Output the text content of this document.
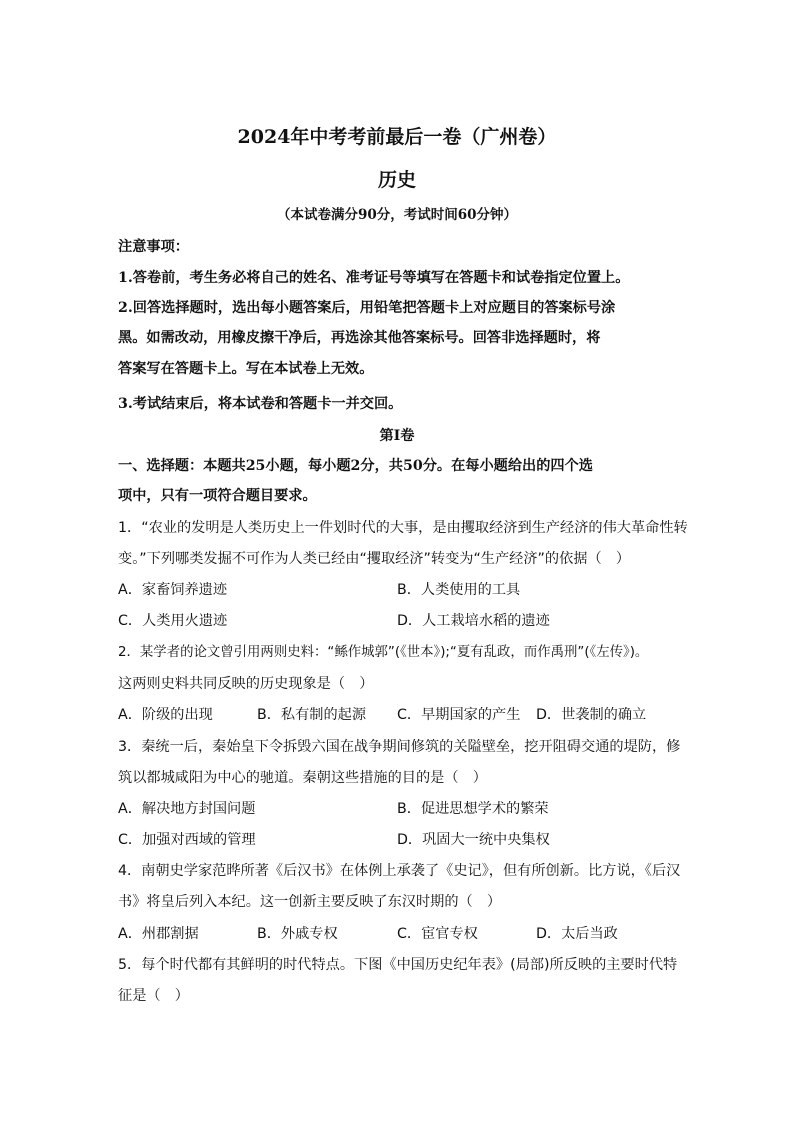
2024年中考考前最后一卷（广州卷）
历史
（本试卷满分90分，考试时间60分钟）
注意事项：
1.答卷前，考生务必将自己的姓名、准考证号等填写在答题卡和试卷指定位置上。
2.回答选择题时，选出每小题答案后，用铅笔把答题卡上对应题目的答案标号涂
黑。如需改动，用橡皮擦干净后，再选涂其他答案标号。回答非选择题时，将
答案写在答题卡上。写在本试卷上无效。
3.考试结束后，将本试卷和答题卡一并交回。
第Ⅰ卷
一、选择题：本题共25小题，每小题2分，共50分。在每小题给出的四个选
项中，只有一项符合题目要求。
1．“农业的发明是人类历史上一件划时代的大事，是由攫取经济到生产经济的伟大革命性转
变。”下列哪类发掘不可作为人类已经由“攫取经济”转变为“生产经济”的依据（　）
A．家畜饲养遗迹	B．人类使用的工具
C．人类用火遗迹	D．人工栽培水稻的遗迹
2．某学者的论文曾引用两则史料：“鲧作城郭”(《世本》);“夏有乱政，而作禹刑”(《左传》)。
这两则史料共同反映的历史现象是（　）
A．阶级的出现	B．私有制的起源 C．早期国家的产生 D．世袭制的确立
3．秦统一后，秦始皇下令拆毁六国在战争期间修筑的关隘壁垒，挖开阻碍交通的堤防，修
筑以都城咸阳为中心的驰道。秦朝这些措施的目的是（　）
A．解决地方封国问题	B．促进思想学术的繁荣
C．加强对西域的管理	D．巩固大一统中央集权
4．南朝史学家范晔所著《后汉书》在体例上承袭了《史记》，但有所创新。比方说，《后汉
书》将皇后列入本纪。这一创新主要反映了东汉时期的（　）
A．州郡割据	B．外戚专权	C．宦官专权	D．太后当政
5．每个时代都有其鲜明的时代特点。下图《中国历史纪年表》(局部)所反映的主要时代特
征是（　）
